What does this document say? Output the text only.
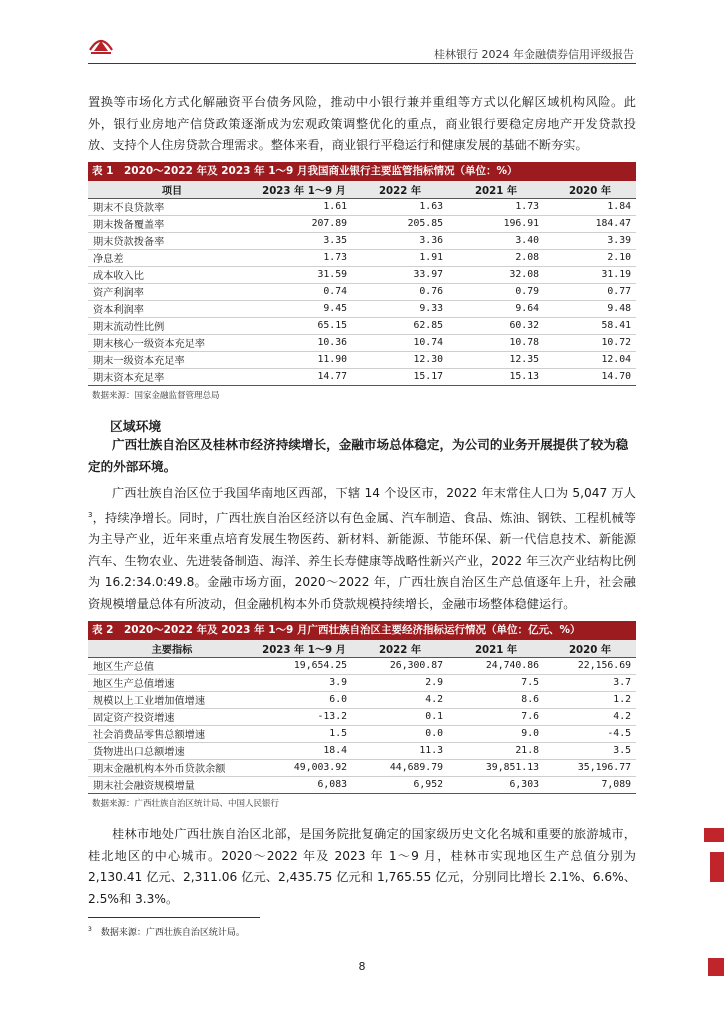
桂林银行 2024 年金融债券信用评级报告

置换等市场化方式化解融资平台债务风险，推动中小银行兼并重组等方式以化解区域机构风险。此外，银行业房地产信贷政策逐渐成为宏观政策调整优化的重点，商业银行要稳定房地产开发贷款投放、支持个人住房贷款合理需求。整体来看，商业银行平稳运行和健康发展的基础不断夯实。

表 1　2020～2022 年及 2023 年 1～9 月我国商业银行主要监管指标情况（单位：%）
项目	2023 年 1～9 月	2022 年	2021 年	2020 年
期末不良贷款率	1.61	1.63	1.73	1.84
期末拨备覆盖率	207.89	205.85	196.91	184.47
期末贷款拨备率	3.35	3.36	3.40	3.39
净息差	1.73	1.91	2.08	2.10
成本收入比	31.59	33.97	32.08	31.19
资产利润率	0.74	0.76	0.79	0.77
资本利润率	9.45	9.33	9.64	9.48
期末流动性比例	65.15	62.85	60.32	58.41
期末核心一级资本充足率	10.36	10.74	10.78	10.72
期末一级资本充足率	11.90	12.30	12.35	12.04
期末资本充足率	14.77	15.17	15.13	14.70
数据来源：国家金融监督管理总局
区域环境

广西壮族自治区及桂林市经济持续增长，金融市场总体稳定，为公司的业务开展提供了较为稳定的外部环境。

广西壮族自治区位于我国华南地区西部，下辖 14 个设区市，2022 年末常住人口为 5,047 万人$^3$，持续净增长。同时，广西壮族自治区经济以有色金属、汽车制造、食品、炼油、钢铁、工程机械等为主导产业，近年来重点培育发展生物医药、新材料、新能源、节能环保、新一代信息技术、新能源汽车、生物农业、先进装备制造、海洋、养生长寿健康等战略性新兴产业，2022 年三次产业结构比例为 16.2:34.0:49.8。金融市场方面，2020～2022 年，广西壮族自治区生产总值逐年上升，社会融资规模增量总体有所波动，但金融机构本外币贷款规模持续增长，金融市场整体稳健运行。

表 2　2020～2022 年及 2023 年 1～9 月广西壮族自治区主要经济指标运行情况（单位：亿元、%）
主要指标	2023 年 1～9 月	2022 年	2021 年	2020 年
地区生产总值	19,654.25	26,300.87	24,740.86	22,156.69
地区生产总值增速	3.9	2.9	7.5	3.7
规模以上工业增加值增速	6.0	4.2	8.6	1.2
固定资产投资增速	-13.2	0.1	7.6	4.2
社会消费品零售总额增速	1.5	0.0	9.0	-4.5
货物进出口总额增速	18.4	11.3	21.8	3.5
期末金融机构本外币贷款余额	49,003.92	44,689.79	39,851.13	35,196.77
期末社会融资规模增量	6,083	6,952	6,303	7,089
数据来源：广西壮族自治区统计局、中国人民银行

桂林市地处广西壮族自治区北部，是国务院批复确定的国家级历史文化名城和重要的旅游城市，桂北地区的中心城市。2020～2022 年及 2023 年 1～9 月，桂林市实现地区生产总值分别为 2,130.41 亿元、2,311.06 亿元、2,435.75 亿元和 1,765.55 亿元，分别同比增长 2.1%、6.6%、2.5%和 3.3%。

$^3$　 数据来源：广西壮族自治区统计局。
8
